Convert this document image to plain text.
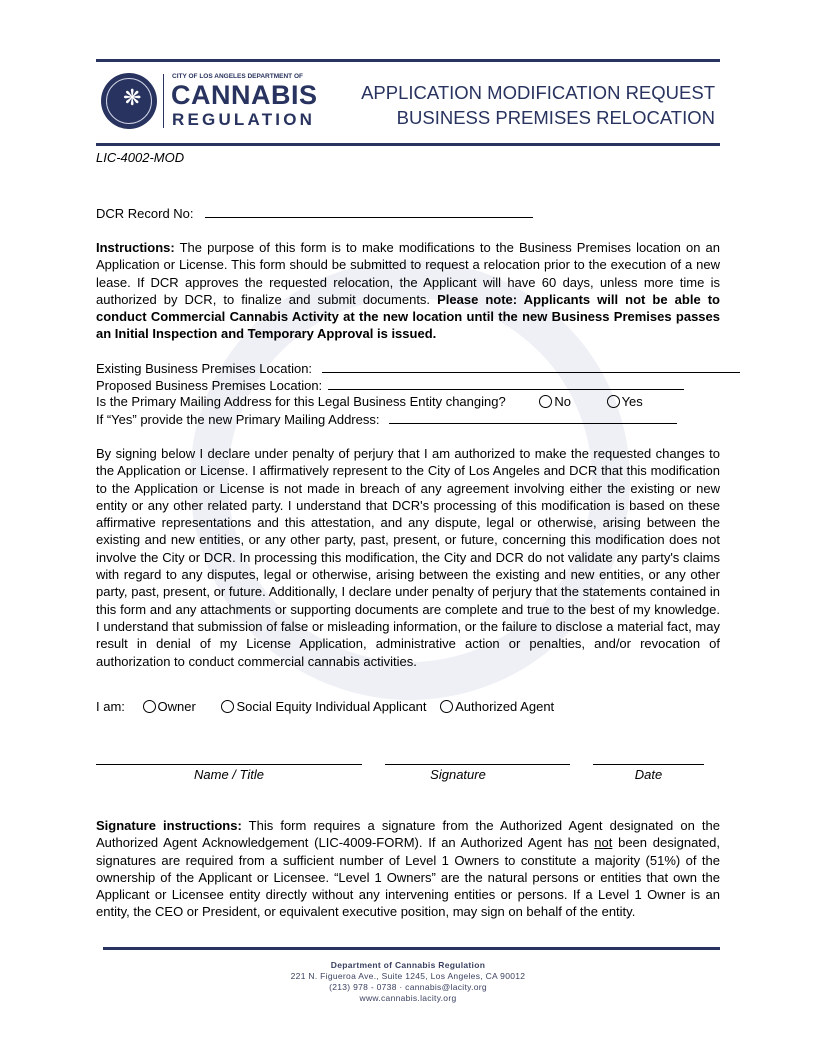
❋
CITY OF LOS ANGELES DEPARTMENT OF
CANNABIS
REGULATION
APPLICATION MODIFICATION REQUEST
BUSINESS PREMISES RELOCATION
LIC-4002-MOD
DCR Record No:
Instructions: The purpose of this form is to make modifications to the Business Premises location on an Application or License. This form should be submitted to request a relocation prior to the execution of a new lease. If DCR approves the requested relocation, the Applicant will have 60 days, unless more time is authorized by DCR, to finalize and submit documents. Please note: Applicants will not be able to conduct Commercial Cannabis Activity at the new location until the new Business Premises passes an Initial Inspection and Temporary Approval is issued.
Existing Business Premises Location:
Proposed Business Premises Location:
Is the Primary Mailing Address for this Legal Business Entity changing?	No	Yes
If “Yes” provide the new Primary Mailing Address:
By signing below I declare under penalty of perjury that I am authorized to make the requested changes to the Application or License. I affirmatively represent to the City of Los Angeles and DCR that this modification to the Application or License is not made in breach of any agreement involving either the existing or new entity or any other related party. I understand that DCR's processing of this modification is based on these affirmative representations and this attestation, and any dispute, legal or otherwise, arising between the existing and new entities, or any other party, past, present, or future, concerning this modification does not involve the City or DCR. In processing this modification, the City and DCR do not validate any party's claims with regard to any disputes, legal or otherwise, arising between the existing and new entities, or any other party, past, present, or future. Additionally, I declare under penalty of perjury that the statements contained in this form and any attachments or supporting documents are complete and true to the best of my knowledge. I understand that submission of false or misleading information, or the failure to disclose a material fact, may result in denial of my License Application, administrative action or penalties, and/or revocation of authorization to conduct commercial cannabis activities.
I am:	Owner	Social Equity Individual Applicant Authorized Agent
Name / Title	Signature	Date
Signature instructions: This form requires a signature from the Authorized Agent designated on the Authorized Agent Acknowledgement (LIC-4009-FORM). If an Authorized Agent has not been designated, signatures are required from a sufficient number of Level 1 Owners to constitute a majority (51%) of the ownership of the Applicant or Licensee. “Level 1 Owners” are the natural persons or entities that own the Applicant or Licensee entity directly without any intervening entities or persons. If a Level 1 Owner is an entity, the CEO or President, or equivalent executive position, may sign on behalf of the entity.
Department of Cannabis Regulation
221 N. Figueroa Ave., Suite 1245, Los Angeles, CA 90012
(213) 978 - 0738 · cannabis@lacity.org
www.cannabis.lacity.org
